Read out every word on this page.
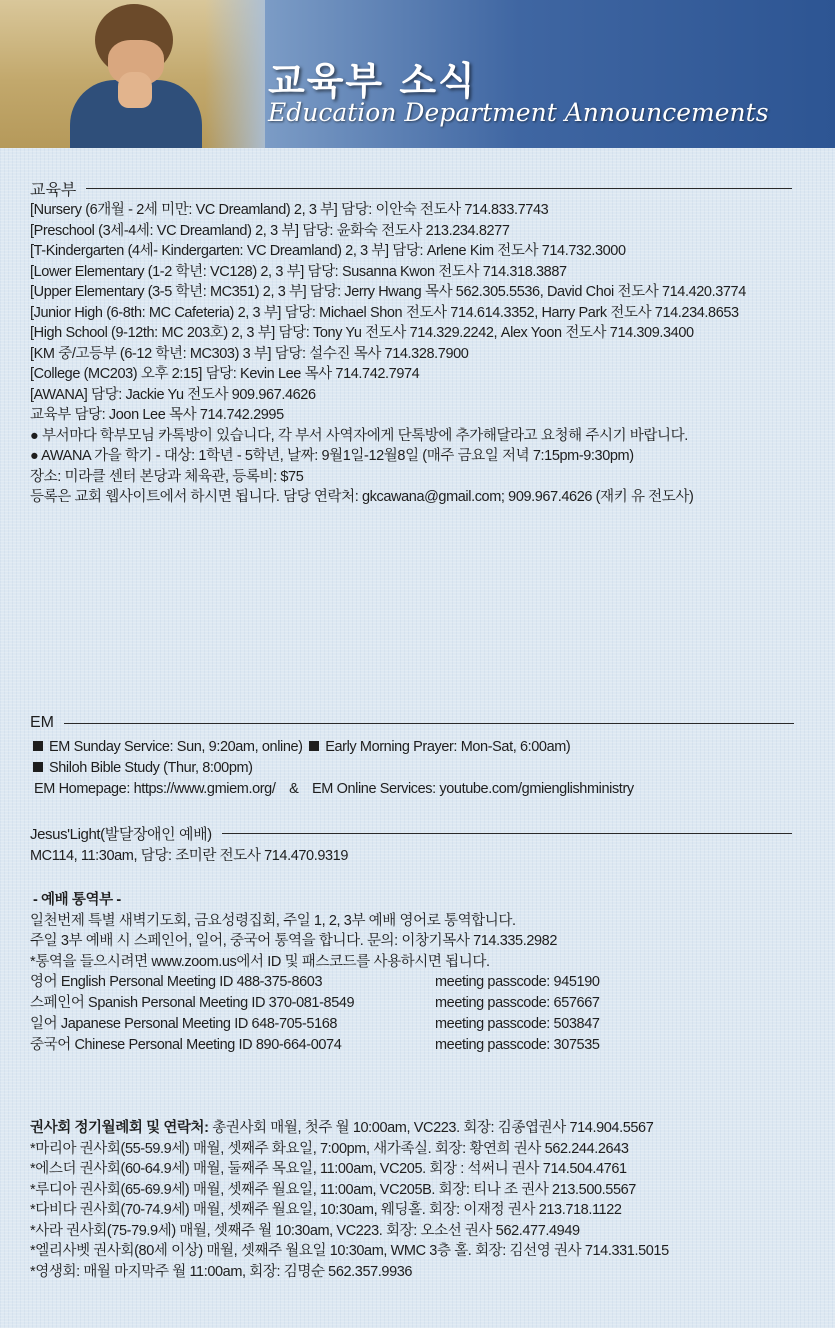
교육부 소식
Education Department Announcements
교육부
[Nursery (6개월 - 2세 미만: VC Dreamland) 2, 3 부] 담당: 이안숙 전도사 714.833.7743
[Preschool (3세-4세: VC Dreamland) 2, 3 부] 담당: 윤화숙 전도사 213.234.8277
[T-Kindergarten (4세- Kindergarten: VC Dreamland) 2, 3 부] 담당: Arlene Kim 전도사 714.732.3000
[Lower Elementary (1-2 학년: VC128) 2, 3 부] 담당: Susanna Kwon 전도사 714.318.3887
[Upper Elementary (3-5 학년: MC351) 2, 3 부] 담당: Jerry Hwang 목사 562.305.5536, David Choi 전도사 714.420.3774
[Junior High (6-8th: MC Cafeteria) 2, 3 부] 담당: Michael Shon 전도사 714.614.3352, Harry Park 전도사 714.234.8653
[High School (9-12th: MC 203호) 2, 3 부] 담당: Tony Yu 전도사 714.329.2242, Alex Yoon 전도사 714.309.3400
[KM 중/고등부 (6-12 학년: MC303) 3 부] 담당: 설수진 목사 714.328.7900
[College (MC203) 오후 2:15] 담당: Kevin Lee 목사 714.742.7974
[AWANA] 담당: Jackie Yu 전도사 909.967.4626
교육부 담당: Joon Lee 목사 714.742.2995
● 부서마다 학부모님 카톡방이 있습니다, 각 부서 사역자에게 단톡방에 추가해달라고 요청해 주시기 바랍니다.
● AWANA 가을 학기 - 대상: 1학년 - 5학년, 날짜: 9월1일-12월8일 (매주 금요일 저녁 7:15pm-9:30pm)
장소: 미라클 센터 본당과 체육관, 등록비: $75
등록은 교회 웹사이트에서 하시면 됩니다. 담당 연락처: gkcawana@gmail.com; 909.967.4626 (재키 유 전도사)
EM
EM Sunday Service: Sun, 9:20am, online) Early Morning Prayer: Mon-Sat, 6:00am)
Shiloh Bible Study (Thur, 8:00pm)
EM Homepage: https://www.gmiem.org/ & EM Online Services: youtube.com/gmienglishministry
Jesus'Light(발달장애인 예배)
MC114, 11:30am, 담당: 조미란 전도사 714.470.9319
- 예배 통역부 -
일천번제 특별 새벽기도회, 금요성령집회, 주일 1, 2, 3부 예배 영어로 통역합니다.
주일 3부 예배 시 스페인어, 일어, 중국어 통역을 합니다. 문의: 이창기목사 714.335.2982
*통역을 들으시려면 www.zoom.us에서 ID 및 패스코드를 사용하시면 됩니다.
영어 English Personal Meeting ID 488-375-8603	meeting passcode: 945190
스페인어 Spanish Personal Meeting ID 370-081-8549	meeting passcode: 657667
일어 Japanese Personal Meeting ID 648-705-5168	meeting passcode: 503847
중국어 Chinese Personal Meeting ID 890-664-0074	meeting passcode: 307535
권사회 정기월례회 및 연락처: 총권사회 매월, 첫주 월 10:00am, VC223. 회장: 김종엽권사 714.904.5567
*마리아 권사회(55-59.9세) 매월, 셋째주 화요일, 7:00pm, 새가족실. 회장: 황연희 권사 562.244.2643
*에스더 권사회(60-64.9세) 매월, 둘째주 목요일, 11:00am, VC205. 회장 : 석써니 권사 714.504.4761
*루디아 권사회(65-69.9세) 매월, 셋째주 월요일, 11:00am, VC205B. 회장: 티나 조 권사 213.500.5567
*다비다 권사회(70-74.9세) 매월, 셋째주 월요일, 10:30am, 웨딩홀. 회장: 이재정 권사 213.718.1122
*사라 권사회(75-79.9세) 매월, 셋째주 월 10:30am, VC223. 회장: 오소선 권사 562.477.4949
*엘리사벳 권사회(80세 이상) 매월, 셋째주 월요일 10:30am, WMC 3층 홀. 회장: 김선영 권사 714.331.5015
*영생회: 매월 마지막주 월 11:00am, 회장: 김명순 562.357.9936
